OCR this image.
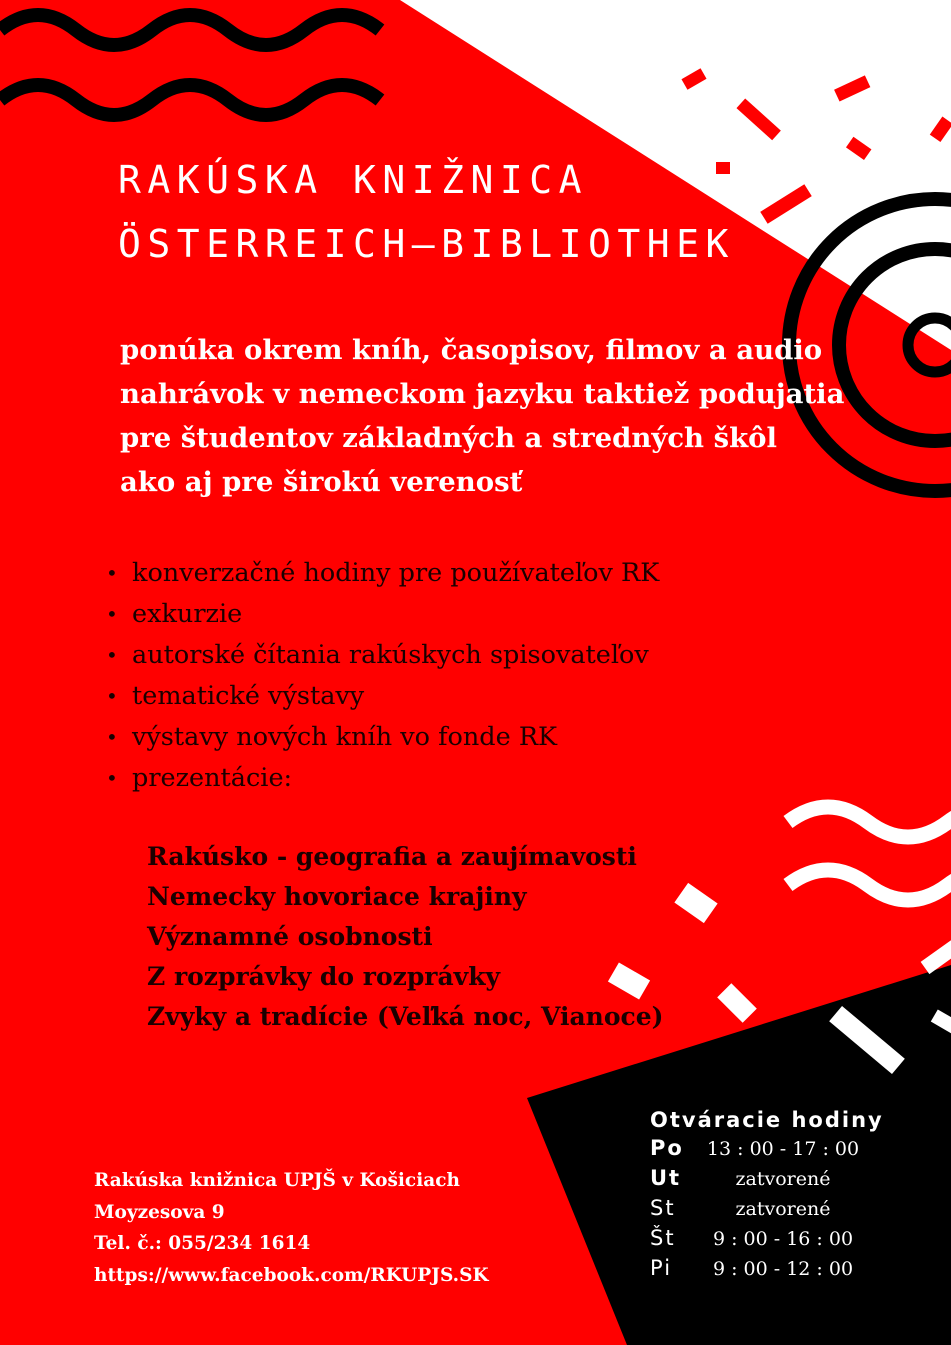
RAKÚSKA KNIŽNICA
ÖSTERREICH–BIBLIOTHEK

ponúka okrem kníh, časopisov, filmov a audio
nahrávok v nemeckom jazyku taktiež podujatia
pre študentov základných a stredných škôl
ako aj pre širokú verenosť

• konverzačné hodiny pre používateľov RK
• exkurzie
• autorské čítania rakúskych spisovateľov
• tematické výstavy
• výstavy nových kníh vo fonde RK
• prezentácie:
Rakúsko - geografia a zaujímavosti
Nemecky hovoriace krajiny
Významné osobnosti
Z rozprávky do rozprávky
Zvyky a tradície (Veľká noc, Vianoce)
Rakúska knižnica UPJŠ v Košiciach
Moyzesova 9
Tel. č.: 055/234 1614
https://www.facebook.com/RKUPJS.SK
Otváracie hodiny
Po	13 : 00 - 17 : 00
Ut	zatvorené
St	zatvorené
Št	9 : 00 - 16 : 00
Pi	9 : 00 - 12 : 00
